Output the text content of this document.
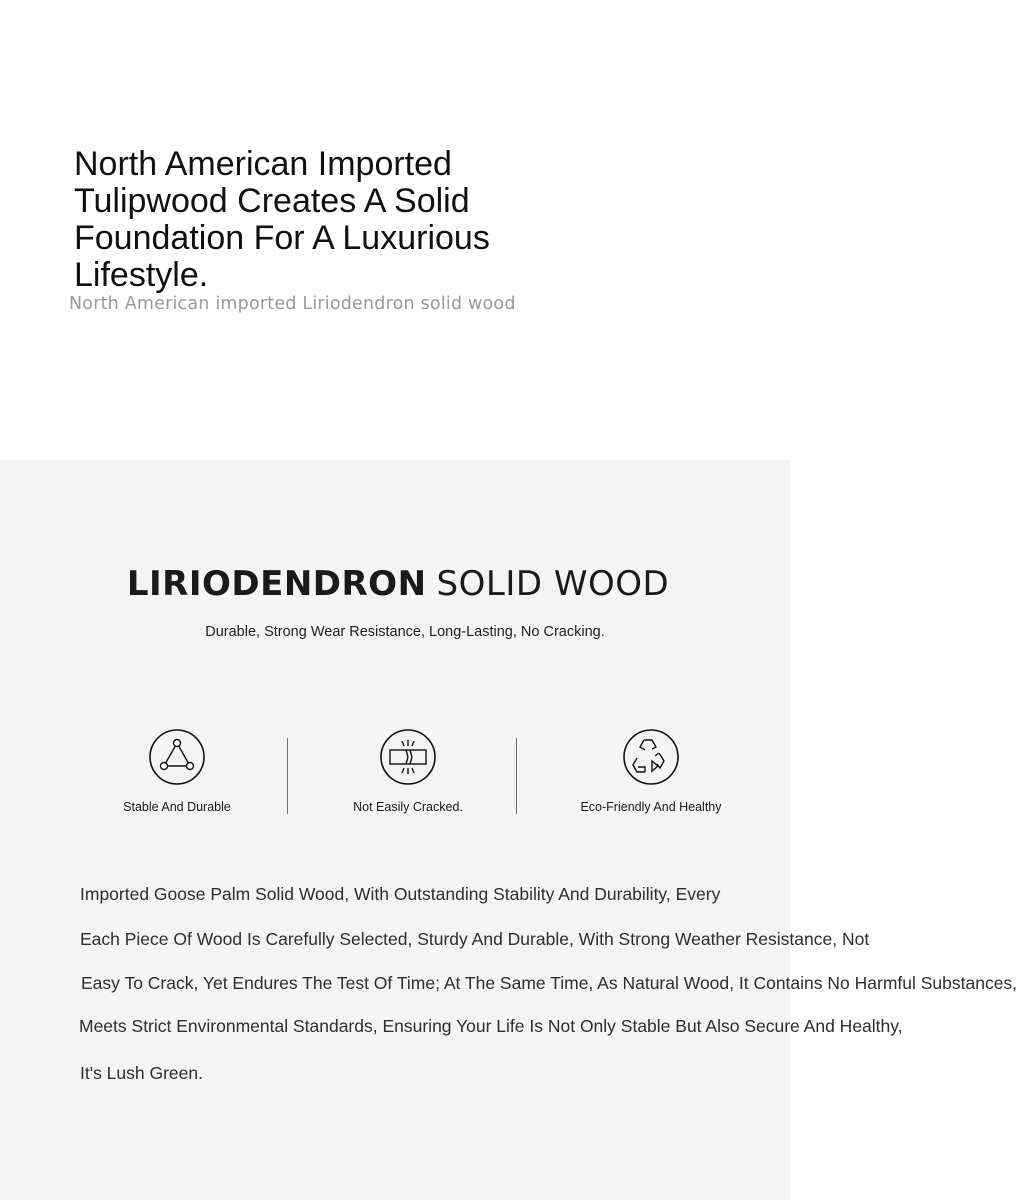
North American Imported
Tulipwood Creates A Solid
Foundation For A Luxurious
Lifestyle.

North American imported Liriodendron solid wood

LIRIODENDRON SOLID WOOD

Durable, Strong Wear Resistance, Long-Lasting, No Cracking.

Stable And Durable	Not Easily Cracked.	Eco-Friendly And Healthy

Imported Goose Palm Solid Wood, With Outstanding Stability And Durability, Every

Each Piece Of Wood Is Carefully Selected, Sturdy And Durable, With Strong Weather Resistance, Not

Easy To Crack, Yet Endures The Test Of Time; At The Same Time, As Natural Wood, It Contains No Harmful Substances,

Meets Strict Environmental Standards, Ensuring Your Life Is Not Only Stable But Also Secure And Healthy,

It's Lush Green.
